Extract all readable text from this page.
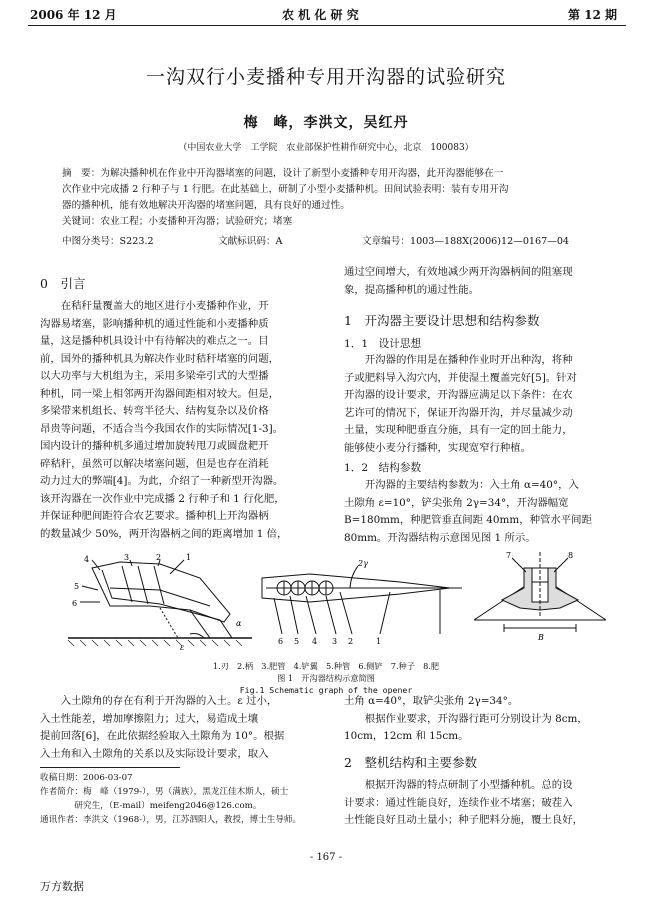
2006 年 12 月	农 机 化 研 究	第 12 期
一沟双行小麦播种专用开沟器的试验研究
梅　峰，李洪文，吴红丹
（中国农业大学　工学院　农业部保护性耕作研究中心，北京　100083）
摘　要：为解决播种机在作业中开沟器堵塞的问题，设计了新型小麦播种专用开沟器，此开沟器能够在一
次作业中完成播 2 行种子与 1 行肥。在此基础上，研制了小型小麦播种机。田间试验表明：装有专用开沟
器的播种机，能有效地解决开沟器的堵塞问题，具有良好的通过性。
关键词：农业工程；小麦播种开沟器；试验研究；堵塞
中图分类号：S223.2	文献标识码：A	文章编号：1003—188X(2006)12—0167—04
0　引言
　　在秸秆量覆盖大的地区进行小麦播种作业，开
沟器易堵塞，影响播种机的通过性能和小麦播种质
量，这是播种机具设计中有待解决的难点之一。目
前，国外的播种机具为解决作业时秸秆堵塞的问题，
以大功率与大机组为主，采用多梁牵引式的大型播
种机，同一梁上相邻两开沟器间距相对较大。但是，
多梁带来机组长、转弯半径大、结构复杂以及价格
昂贵等问题，不适合当今我国农作的实际情况[1-3]。
国内设计的播种机多通过增加旋转甩刀或圆盘耙开
碎秸秆，虽然可以解决堵塞问题，但是也存在消耗
动力过大的弊端[4]。为此，介绍了一种新型开沟器。
该开沟器在一次作业中完成播 2 行种子和 1 行化肥，
并保证种肥间距符合农艺要求。播种机上开沟器柄
的数量减少 50%，两开沟器柄之间的距离增加 1 倍，
通过空间增大，有效地减少两开沟器柄间的阻塞现
象，提高播种机的通过性能。
1　开沟器主要设计思想和结构参数
1．1　设计思想
　　开沟器的作用是在播种作业时开出种沟，将种
子或肥料导入沟穴内，并使湿土覆盖完好[5]。针对
开沟器的设计要求，开沟器应满足以下条件：在农
艺许可的情况下，保证开沟器开沟，并尽量减少动
土量，实现种肥垂直分施，具有一定的回土能力，
能够使小麦分行播种，实现宽窄行种植。
1．2　结构参数
　　开沟器的主要结构参数为：入土角 α=40°，入
土隙角 ε=10°，铲尖张角 2γ=34°，开沟器幅宽
B=180mm，种肥管垂直间距 40mm，种管水平间距
80mm。开沟器结构示意图见图 1 所示。
4	3	2	1
5
6
α
ε
2γ
6 5 4 3 2	1
7	8
B
1.刃　2.柄　3.肥管　4.铲翼　5.种管　6.侧铲　7.种子　8.肥
图 1　开沟器结构示意简图
Fig.1 Schematic graph of the opener
　　入土隙角的存在有利于开沟器的入土。ε 过小，
入土性能差，增加摩擦阻力；过大，易造成土壤
提前回落[6]，在此依据经验取入土隙角为 10°。根据
入土角和入土隙角的关系以及实际设计要求，取入
收稿日期：2006-03-07
作者简介：梅　峰（1979-），男（满族），黑龙江佳木斯人，硕士
　　　　研究生，（E-mail）meifeng2046@126.com。
通讯作者：李洪文（1968-），男，江苏泗阳人，教授，博士生导师。
土角 α=40°，取铲尖张角 2γ=34°。
　　根据作业要求，开沟器行距可分别设计为 8cm，
10cm，12cm 和 15cm。
2　整机结构和主要参数
　　根据开沟器的特点研制了小型播种机。总的设
计要求：通过性能良好，连续作业不堵塞；破茬入
土性能良好且动土量小；种子肥料分施，覆土良好，
- 167 -
万方数据
